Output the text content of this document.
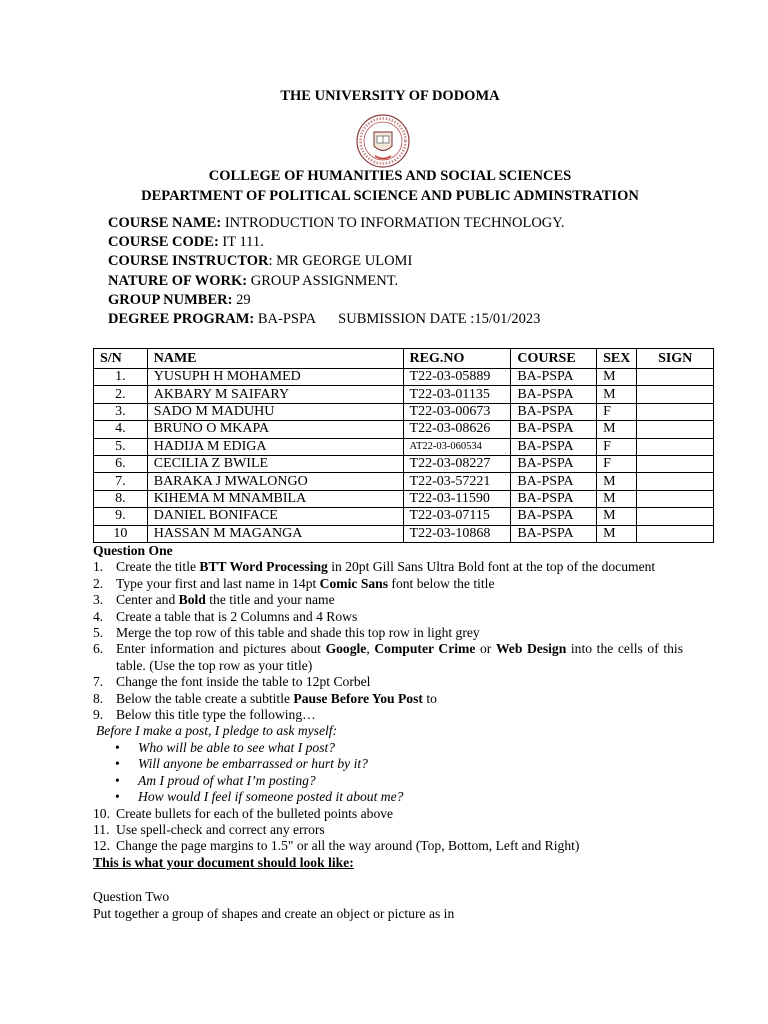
THE UNIVERSITY OF DODOMA
COLLEGE OF HUMANITIES AND SOCIAL SCIENCES
DEPARTMENT OF POLITICAL SCIENCE AND PUBLIC ADMINSTRATION
COURSE NAME: INTRODUCTION TO INFORMATION TECHNOLOGY.
COURSE CODE: IT 111.
COURSE INSTRUCTOR: MR GEORGE ULOMI
NATURE OF WORK: GROUP ASSIGNMENT.
GROUP NUMBER: 29
DEGREE PROGRAM: BA-PSPA SUBMISSION DATE :15/01/2023
S/N	NAME	REG.NO	COURSE	SEX	SIGN
1.	YUSUPH H MOHAMED	T22-03-05889	BA-PSPA	M	
2.	AKBARY M SAIFARY	T22-03-01135	BA-PSPA	M	
3.	SADO M MADUHU	T22-03-00673	BA-PSPA	F	
4.	BRUNO O MKAPA	T22-03-08626	BA-PSPA	M	
5.	HADIJA M EDIGA	AT22-03-060534	BA-PSPA	F	
6.	CECILIA Z BWILE	T22-03-08227	BA-PSPA	F	
7.	BARAKA J MWALONGO	T22-03-57221	BA-PSPA	M	
8.	KIHEMA M MNAMBILA	T22-03-11590	BA-PSPA	M	
9.	DANIEL BONIFACE	T22-03-07115	BA-PSPA	M	
10	HASSAN M MAGANGA	T22-03-10868	BA-PSPA	M	
Question One
1. Create the title BTT Word Processing in 20pt Gill Sans Ultra Bold font at the top of the document
2. Type your first and last name in 14pt Comic Sans font below the title
3. Center and Bold the title and your name
4. Create a table that is 2 Columns and 4 Rows
5. Merge the top row of this table and shade this top row in light grey
6. Enter information and pictures about Google, Computer Crime or Web Design into the cells of this table. (Use the top row as your title)
7. Change the font inside the table to 12pt Corbel
8. Below the table create a subtitle Pause Before You Post to
9. Below this title type the following…
Before I make a post, I pledge to ask myself:
•	Who will be able to see what I post?
•	Will anyone be embarrassed or hurt by it?
•	Am I proud of what I’m posting?
•	How would I feel if someone posted it about me?
10. Create bullets for each of the bulleted points above
11. Use spell-check and correct any errors
12. Change the page margins to 1.5" or all the way around (Top, Bottom, Left and Right)
This is what your document should look like:
Question Two
Put together a group of shapes and create an object or picture as in
